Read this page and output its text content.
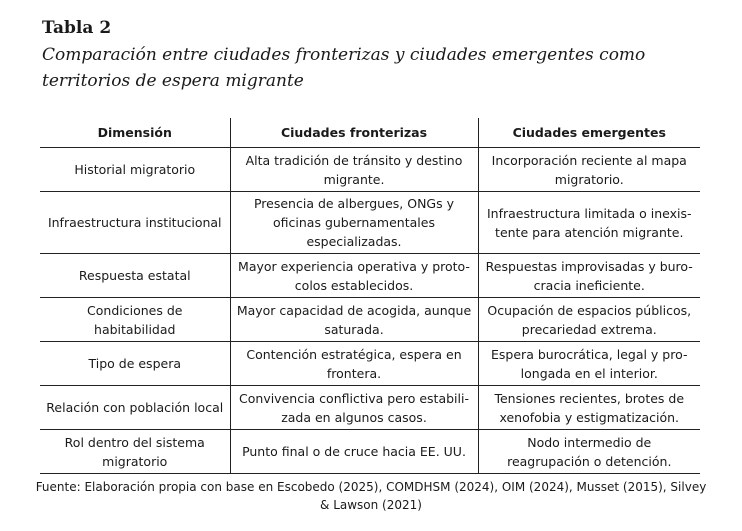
Tabla 2

Comparación entre ciudades fronterizas y ciudades emergentes como territorios de espera migrante

Dimensión	Ciudades fronterizas	Ciudades emergentes
Historial migratorio	Alta tradición de tránsito y destino migrante.	Incorporación reciente al mapa migratorio.
Infraestructura institucional	Presencia de albergues, ONGs y oficinas gubernamentales especializadas.	Infraestructura limitada o inexis-tente para atención migrante.
Respuesta estatal	Mayor experiencia operativa y proto-colos establecidos.	Respuestas improvisadas y buro-cracia ineficiente.
Condiciones de habitabilidad	Mayor capacidad de acogida, aunque saturada.	Ocupación de espacios públicos, precariedad extrema.
Tipo de espera	Contención estratégica, espera en frontera.	Espera burocrática, legal y pro-longada en el interior.
Relación con población local	Convivencia conflictiva pero estabili-zada en algunos casos.	Tensiones recientes, brotes de xenofobia y estigmatización.
Rol dentro del sistema migratorio	Punto final o de cruce hacia EE. UU.	Nodo intermedio de reagrupación o detención.

Fuente: Elaboración propia con base en Escobedo (2025), COMDHSM (2024), OIM (2024), Musset (2015), Silvey & Lawson (2021)
